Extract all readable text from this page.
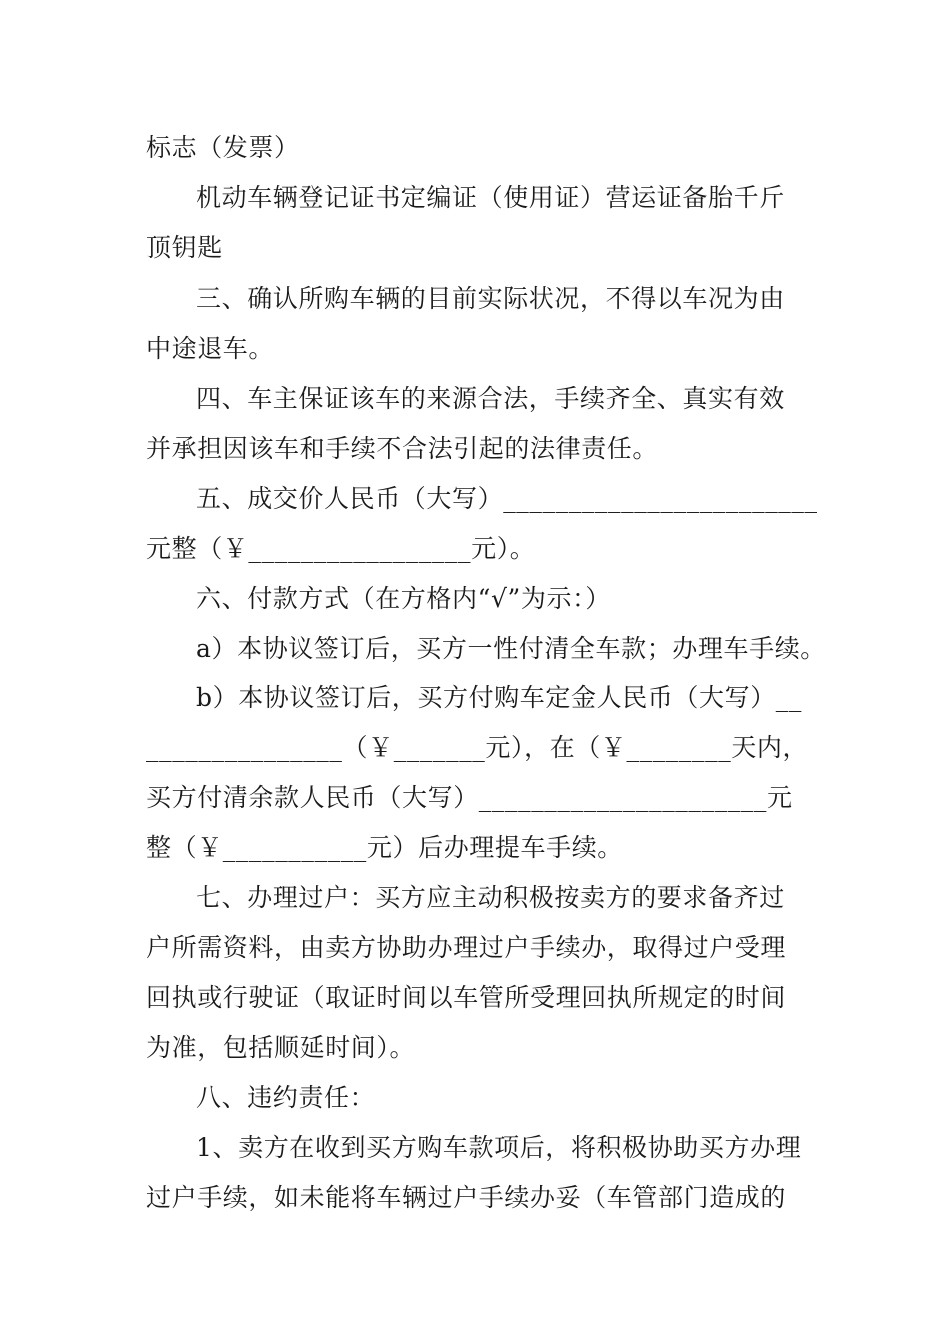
标志（发票）
机动车辆登记证书定编证（使用证）营运证备胎千斤
顶钥匙
三、确认所购车辆的目前实际状况，不得以车况为由
中途退车。
四、车主保证该车的来源合法，手续齐全、真实有效
并承担因该车和手续不合法引起的法律责任。
五、成交价人民币（大写）________________________
元整（￥_________________元）。
六、付款方式（在方格内“√”为示：）
a）本协议签订后，买方一性付清全车款；办理车手续。
b）本协议签订后，买方付购车定金人民币（大写）__
_______________（￥_______元），在（￥________天内，
买方付清余款人民币（大写）______________________元
整（￥___________元）后办理提车手续。
七、办理过户：买方应主动积极按卖方的要求备齐过
户所需资料，由卖方协助办理过户手续办，取得过户受理
回执或行驶证（取证时间以车管所受理回执所规定的时间
为准，包括顺延时间）。
八、违约责任：
1、卖方在收到买方购车款项后，将积极协助买方办理
过户手续，如未能将车辆过户手续办妥（车管部门造成的
